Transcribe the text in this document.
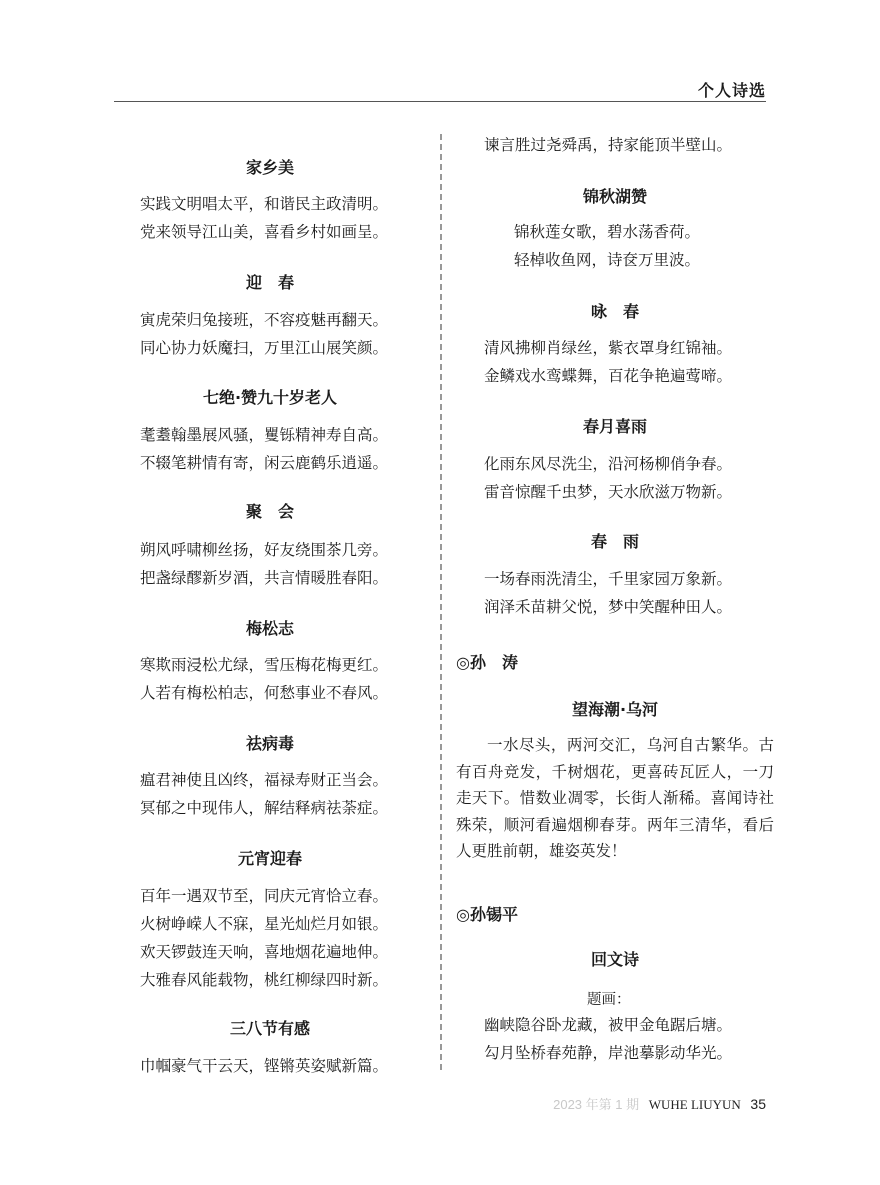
个人诗选
家乡美
实践文明唱太平，和谐民主政清明。
党来领导江山美，喜看乡村如画呈。
迎　春
寅虎荣归兔接班，不容疫魅再翻天。
同心协力妖魔扫，万里江山展笑颜。
七绝·赞九十岁老人
耄耋翰墨展风骚，矍铄精神寿自高。
不辍笔耕情有寄，闲云鹿鹤乐逍遥。
聚　会
朔风呼啸柳丝扬，好友绕围茶几旁。
把盏绿醪新岁酒，共言情暖胜春阳。
梅松志
寒欺雨浸松尤绿，雪压梅花梅更红。
人若有梅松柏志，何愁事业不春风。
祛病毒
瘟君神使且凶终，福禄寿财正当会。
冥郁之中现伟人，解结释病祛荼症。
元宵迎春
百年一遇双节至，同庆元宵恰立春。
火树峥嵘人不寐，星光灿烂月如银。
欢天锣鼓连天响，喜地烟花遍地伸。
大雅春风能载物，桃红柳绿四时新。
三八节有感
巾帼豪气干云天，铿锵英姿赋新篇。
谏言胜过尧舜禹，持家能顶半壁山。
锦秋湖赞
锦秋莲女歌，碧水荡香荷。
轻棹收鱼网，诗奁万里波。
咏　春
清风拂柳肖绿丝，紫衣罩身红锦袖。
金鳞戏水鸾蝶舞，百花争艳遍莺啼。
春月喜雨
化雨东风尽洗尘，沿河杨柳俏争春。
雷音惊醒千虫梦，天水欣滋万物新。
春　雨
一场春雨洗清尘，千里家园万象新。
润泽禾苗耕父悦，梦中笑醒种田人。
◎孙　涛
望海潮·乌河
一水尽头，两河交汇，乌河自古繁华。古有百舟竞发，千树烟花，更喜砖瓦匠人，一刀走天下。惜数业凋零，长街人渐稀。喜闻诗社殊荣，顺河看遍烟柳春芽。两年三清华，看后人更胜前朝，雄姿英发！
◎孙锡平
回文诗
题画：
幽峡隐谷卧龙藏，被甲金龟踞后塘。
勾月坠桥春苑静，岸池摹影动华光。
2023 年第 1 期 WUHE LIUYUN 35
